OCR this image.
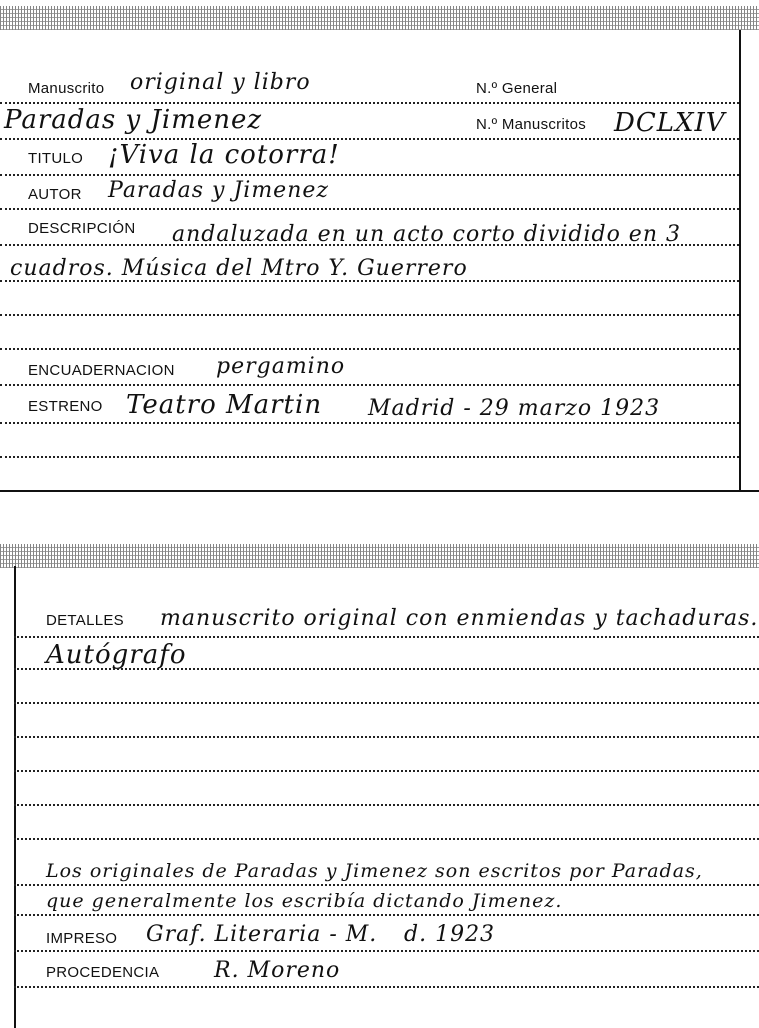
Manuscrito original y libro	N.º General
Paradas y Jimenez	N.º Manuscritos DCLXIV
TITULO ¡Viva la cotorra!
AUTOR Paradas y Jimenez
DESCRIPCIÓN andaluzada en un acto corto dividido en 3
cuadros. Música del Mtro Y. Guerrero
ENCUADERNACION pergamino
ESTRENO Teatro Martin Madrid - 29 marzo 1923
DETALLES manuscrito original con enmiendas y tachaduras.
Autógrafo
Los originales de Paradas y Jimenez son escritos por Paradas,
que generalmente los escribía dictando Jimenez.
IMPRESO Graf. Literaria - M. d. 1923
PROCEDENCIA R. Moreno
